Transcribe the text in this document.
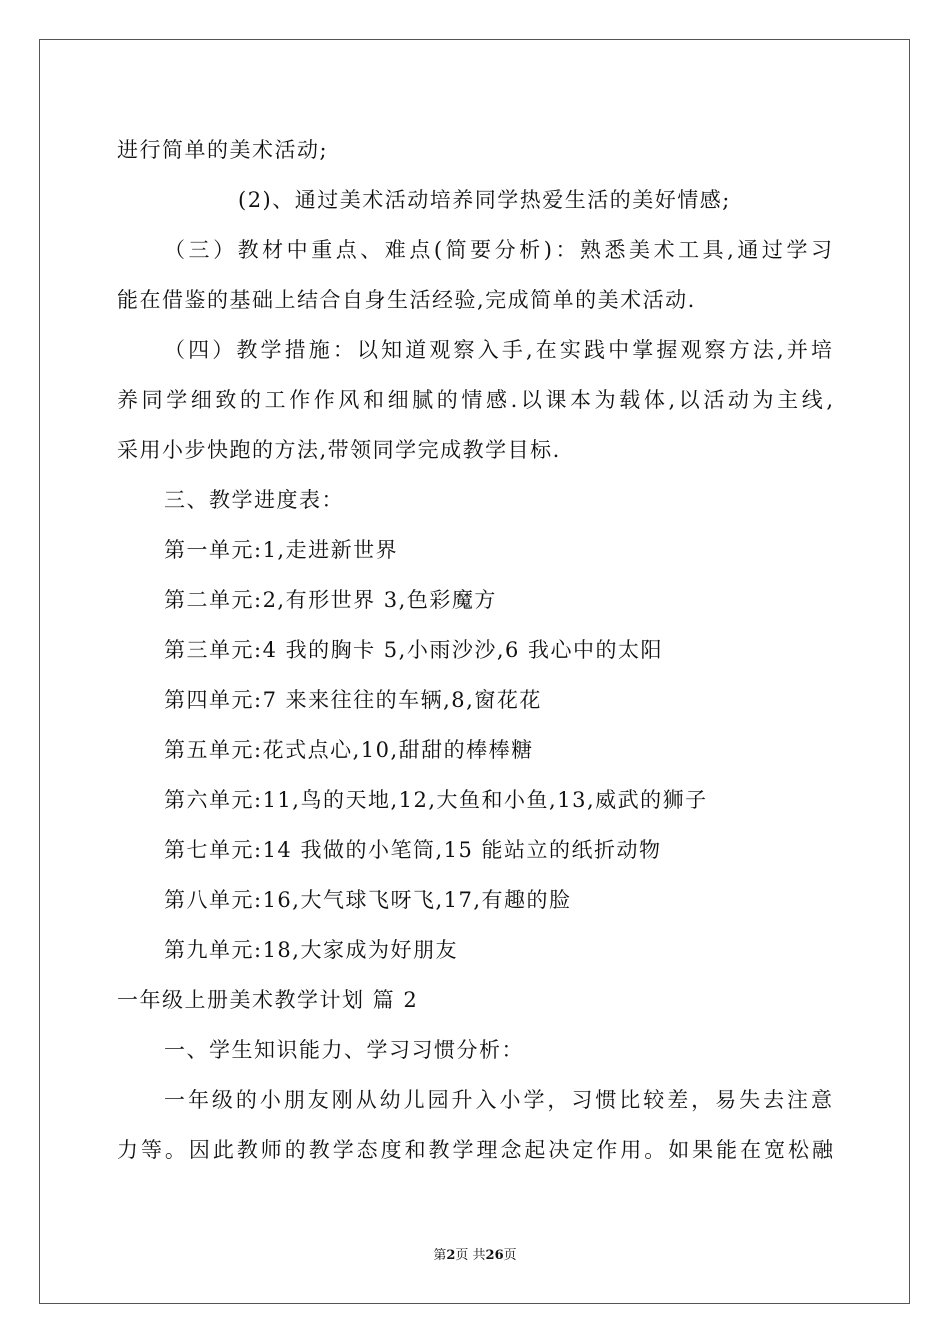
进行简单的美术活动;
(2)、通过美术活动培养同学热爱生活的美好情感;
（三）教材中重点、难点(简要分析)：熟悉美术工具,通过学习
能在借鉴的基础上结合自身生活经验,完成简单的美术活动.
（四）教学措施：以知道观察入手,在实践中掌握观察方法,并培
养同学细致的工作作风和细腻的情感.以课本为载体,以活动为主线,
采用小步快跑的方法,带领同学完成教学目标.
三、教学进度表：
第一单元:1,走进新世界
第二单元:2,有形世界 3,色彩魔方
第三单元:4 我的胸卡 5,小雨沙沙,6 我心中的太阳
第四单元:7 来来往往的车辆,8,窗花花
第五单元:花式点心,10,甜甜的棒棒糖
第六单元:11,鸟的天地,12,大鱼和小鱼,13,威武的狮子
第七单元:14 我做的小笔筒,15 能站立的纸折动物
第八单元:16,大气球飞呀飞,17,有趣的脸
第九单元:18,大家成为好朋友
一年级上册美术教学计划 篇 2
一、学生知识能力、学习习惯分析：
一年级的小朋友刚从幼儿园升入小学，习惯比较差，易失去注意
力等。因此教师的教学态度和教学理念起决定作用。如果能在宽松融
第2页 共26页
